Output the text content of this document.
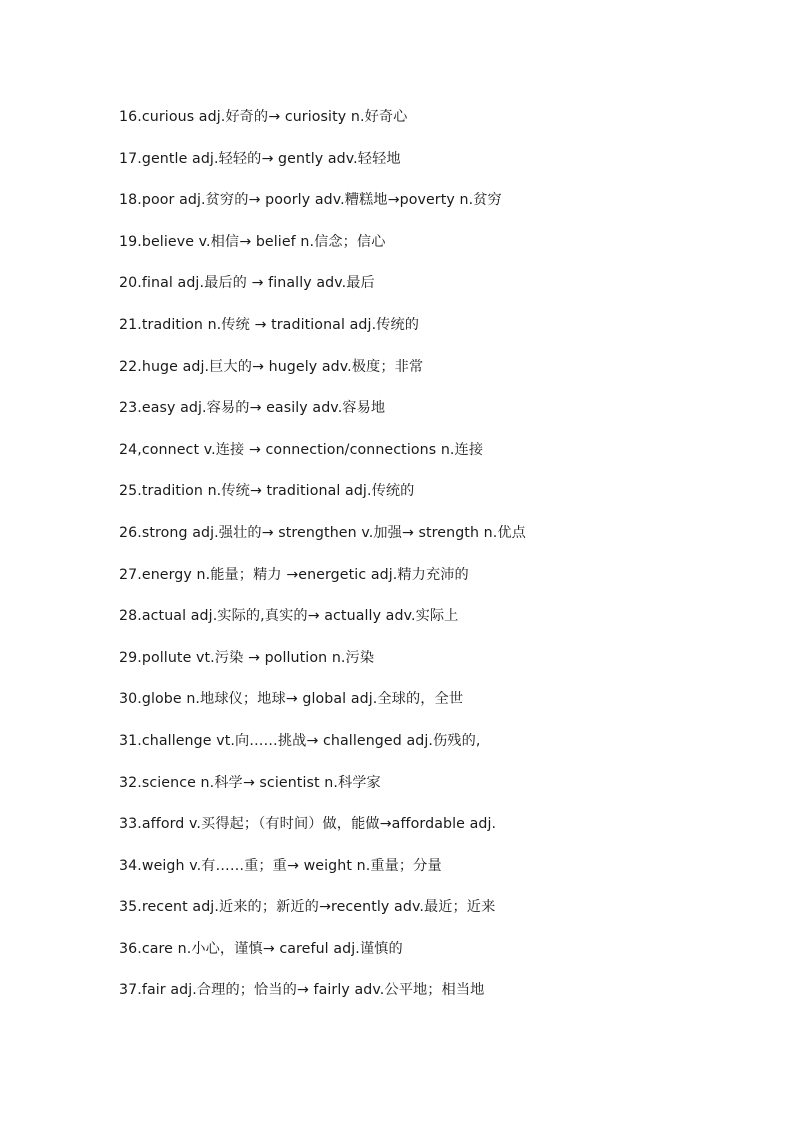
16.curious adj.好奇的→ curiosity n.好奇心
17.gentle adj.轻轻的→ gently adv.轻轻地
18.poor adj.贫穷的→ poorly adv.糟糕地→poverty n.贫穷
19.believe v.相信→ belief n.信念；信心
20.final adj.最后的 → finally adv.最后
21.tradition n.传统 → traditional adj.传统的
22.huge adj.巨大的→ hugely adv.极度；非常
23.easy adj.容易的→ easily adv.容易地
24,connect v.连接 → connection/connections n.连接
25.tradition n.传统→ traditional adj.传统的
26.strong adj.强壮的→ strengthen v.加强→ strength n.优点
27.energy n.能量；精力 →energetic adj.精力充沛的
28.actual adj.实际的,真实的→ actually adv.实际上
29.pollute vt.污染 → pollution n.污染
30.globe n.地球仪；地球→ global adj.全球的，全世
31.challenge vt.向……挑战→ challenged adj.伤残的,
32.science n.科学→ scientist n.科学家
33.afford v.买得起；（有时间）做，能做→affordable adj.
34.weigh v.有……重；重→ weight n.重量；分量
35.recent adj.近来的；新近的→recently adv.最近；近来
36.care n.小心，谨慎→ careful adj.谨慎的
37.fair adj.合理的；恰当的→ fairly adv.公平地；相当地
